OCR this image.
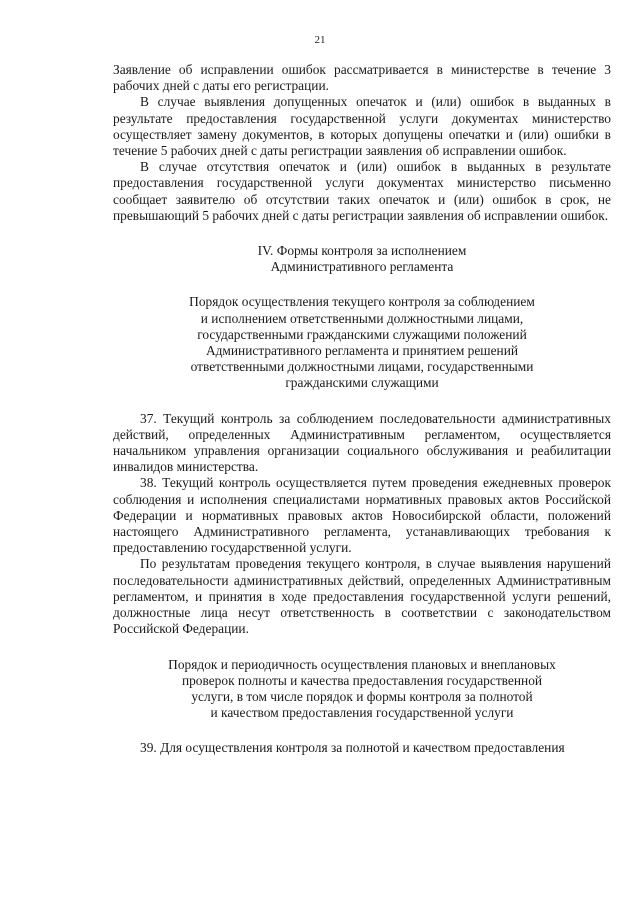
21

Заявление об исправлении ошибок рассматривается в министерстве в течение 3 рабочих дней с даты его регистрации.

В случае выявления допущенных опечаток и (или) ошибок в выданных в результате предоставления государственной услуги документах министерство осуществляет замену документов, в которых допущены опечатки и (или) ошибки в течение 5 рабочих дней с даты регистрации заявления об исправлении ошибок.

В случае отсутствия опечаток и (или) ошибок в выданных в результате предоставления государственной услуги документах министерство письменно сообщает заявителю об отсутствии таких опечаток и (или) ошибок в срок, не превышающий 5 рабочих дней с даты регистрации заявления об исправлении ошибок.

IV. Формы контроля за исполнением

Административного регламента

Порядок осуществления текущего контроля за соблюдением

и исполнением ответственными должностными лицами,

государственными гражданскими служащими положений

Административного регламента и принятием решений

ответственными должностными лицами, государственными

гражданскими служащими

37. Текущий контроль за соблюдением последовательности административных действий, определенных Административным регламентом, осуществляется начальником управления организации социального обслуживания и реабилитации инвалидов министерства.

38. Текущий контроль осуществляется путем проведения ежедневных проверок соблюдения и исполнения специалистами нормативных правовых актов Российской Федерации и нормативных правовых актов Новосибирской области, положений настоящего Административного регламента, устанавливающих требования к предоставлению государственной услуги.

По результатам проведения текущего контроля, в случае выявления нарушений последовательности административных действий, определенных Административным регламентом, и принятия в ходе предоставления государственной услуги решений, должностные лица несут ответственность в соответствии с законодательством Российской Федерации.

Порядок и периодичность осуществления плановых и внеплановых

проверок полноты и качества предоставления государственной

услуги, в том числе порядок и формы контроля за полнотой

и качеством предоставления государственной услуги

39. Для осуществления контроля за полнотой и качеством предоставления
